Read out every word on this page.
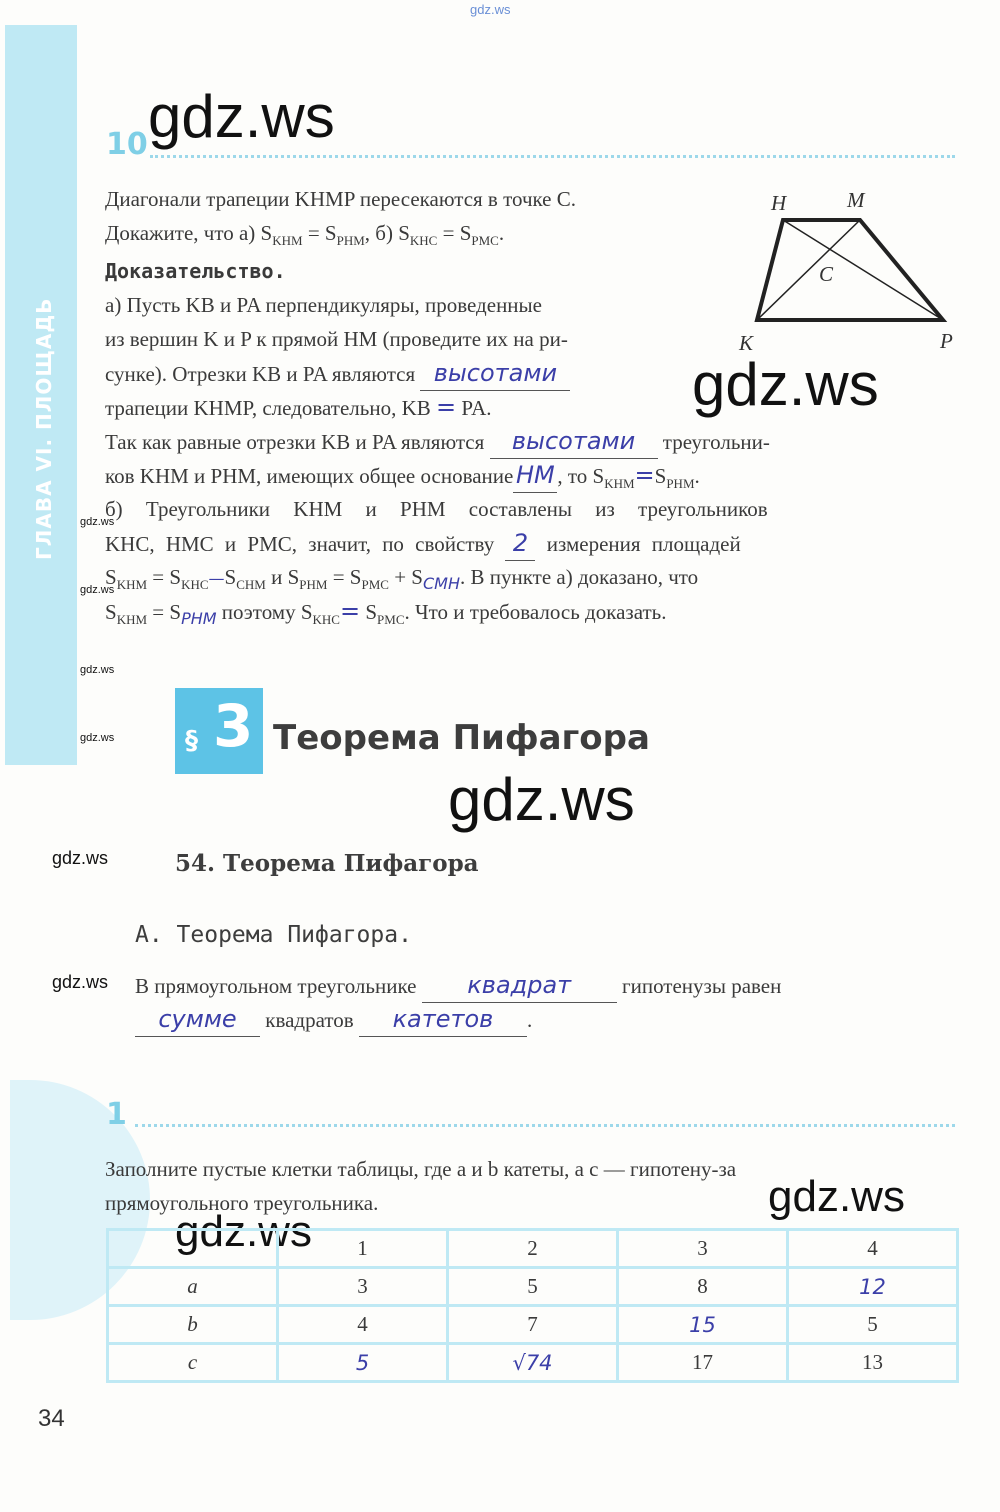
ГЛАВА VI. ПЛОЩАДЬ
gdz.ws
gdz.ws
gdz.ws
gdz.ws
gdz.ws
gdz.ws
gdz.ws
gdz.ws
gdz.ws
gdz.ws
gdz.ws
gdz.ws
10
Диагонали трапеции KHMP пересекаются в точке C.
Докажите, что а) $S_{KHM} = S_{PHM}$, б) $S_{KHC} = S_{PMC}$.
Доказательство.
а) Пусть KB и PA перпендикуляры, проведенные
из вершин K и P к прямой HM (проведите их на ри-
сунке). Отрезки KB и PA являются высотами
трапеции KHMP, следовательно, KB = PA.
Так как равные отрезки KB и PA являются высотами треугольни-
ков KHM и PHM, имеющих общее основание НМ , то $S_{KHM}=S_{PHM}$.
б) Треугольники KHM и PHM составлены из треугольников
KHC, HMC и PMC, значит, по свойству 2 измерения площадей
$S_{KHM}$ = $S_{KHC}—S_{CHM}$ и $S_{PHM} = S_{PMC} + S_{СМН}$. В пункте а) доказано, что
$S_{KHM} = S_{РНМ}$ поэтому $S_{KHC}= S_{PMC}$. Что и требовалось доказать.
H	M
C
K	P
§ 3 Теорема Пифагора
54. Теорема Пифагора
А. Теорема Пифагора.
В прямоугольном треугольнике квадрат гипотенузы равен
сумме квадратов катетов .
1
Заполните пустые клетки таблицы, где a и b катеты, а c — гипотену-за
прямоугольного треугольника.
	1	2	3	4
a	3	5	8	12
b	4	7	15	5
c	5	√74	17	13
34
